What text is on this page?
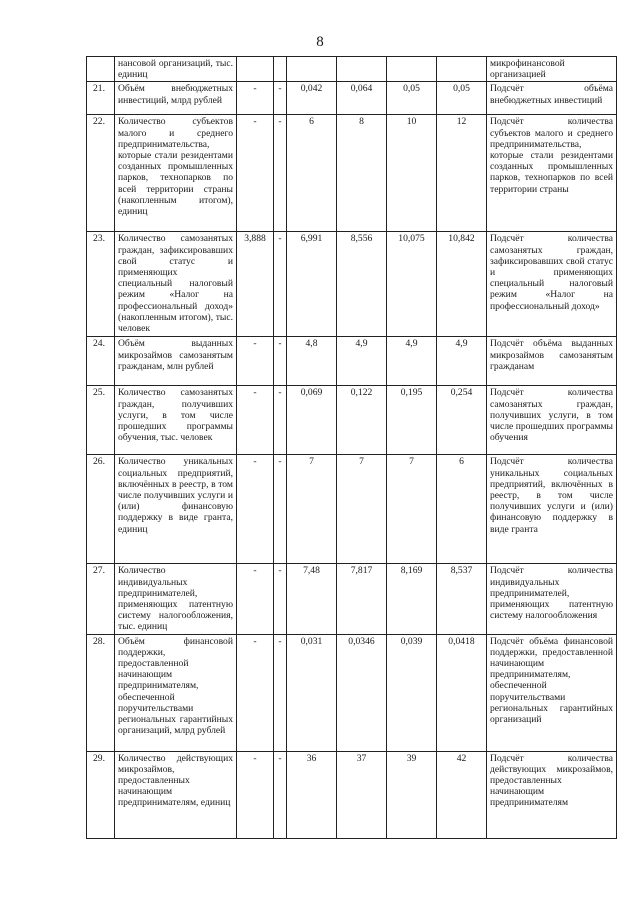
8
	нансовой организаций, тыс. единиц							микрофинансовой организацией
21.	Объём внебюджетных инвестиций, млрд рублей	-	-	0,042	0,064	0,05	0,05	Подсчёт объёма внебюджетных инвестиций
22.	Количество субъектов малого и среднего предпринимательства, которые стали резидентами созданных промышленных парков, технопарков по всей территории страны (накопленным итогом), единиц	-	-	6	8	10	12	Подсчёт количества субъектов малого и среднего предпринимательства, которые стали резидентами созданных промышленных парков, технопарков по всей территории страны
23.	Количество самозанятых граждан, зафиксировавших свой статус и применяющих специальный налоговый режим «Налог на профессиональный доход» (накопленным итогом), тыс. человек	3,888	-	6,991	8,556	10,075	10,842	Подсчёт количества самозанятых граждан, зафиксировавших свой статус и применяющих специальный налоговый режим «Налог на профессиональный доход»
24.	Объём выданных микрозаймов самозанятым гражданам, млн рублей	-	-	4,8	4,9	4,9	4,9	Подсчёт объёма выданных микрозаймов самозанятым гражданам
25.	Количество самозанятых граждан, получивших услуги, в том числе прошедших программы обучения, тыс. человек	-	-	0,069	0,122	0,195	0,254	Подсчёт количества самозанятых граждан, получивших услуги, в том числе прошедших программы обучения
26.	Количество уникальных социальных предприятий, включённых в реестр, в том числе получивших услуги и (или) финансовую поддержку в виде гранта, единиц	-	-	7	7	7	6	Подсчёт количества уникальных социальных предприятий, включённых в реестр, в том числе получивших услуги и (или) финансовую поддержку в виде гранта
27.	Количество индивидуальных предпринимателей, применяющих патентную систему налогообложения, тыс. единиц	-	-	7,48	7,817	8,169	8,537	Подсчёт количества индивидуальных предпринимателей, применяющих патентную систему налогообложения
28.	Объём финансовой поддержки, предоставленной начинающим предпринимателям, обеспеченной поручительствами региональных гарантийных организаций, млрд рублей	-	-	0,031	0,0346	0,039	0,0418	Подсчёт объёма финансовой поддержки, предоставленной начинающим предпринимателям, обеспеченной поручительствами региональных гарантийных организаций
29.	Количество действующих микрозаймов, предоставленных начинающим предпринимателям, единиц	-	-	36	37	39	42	Подсчёт количества действующих микрозаймов, предоставленных начинающим предпринимателям
